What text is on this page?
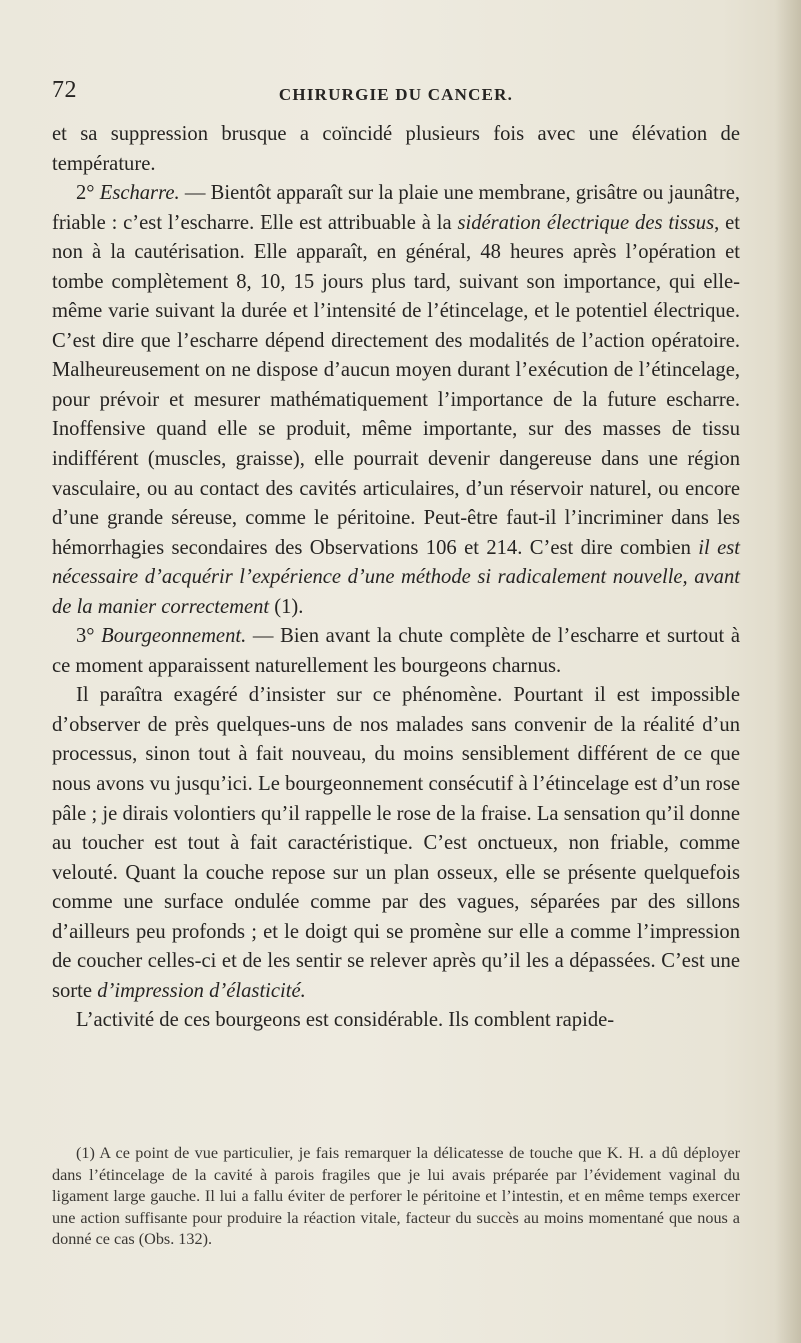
72	CHIRURGIE DU CANCER.

et sa suppression brusque a coïncidé plusieurs fois avec une élévation de température.

2° Escharre. — Bientôt apparaît sur la plaie une membrane, grisâtre ou jaunâtre, friable : c’est l’escharre. Elle est attribuable à la sidération électrique des tissus, et non à la cautérisation. Elle apparaît, en général, 48 heures après l’opération et tombe complètement 8, 10, 15 jours plus tard, suivant son importance, qui elle-même varie suivant la durée et l’intensité de l’étincelage, et le potentiel électrique. C’est dire que l’escharre dépend directement des modalités de l’action opératoire. Malheureusement on ne dispose d’aucun moyen durant l’exécution de l’étincelage, pour prévoir et mesurer mathématiquement l’importance de la future escharre. Inoffensive quand elle se produit, même importante, sur des masses de tissu indifférent (muscles, graisse), elle pourrait devenir dangereuse dans une région vasculaire, ou au contact des cavités articulaires, d’un réservoir naturel, ou encore d’une grande séreuse, comme le péritoine. Peut-être faut-il l’incriminer dans les hémorrhagies secondaires des Observations 106 et 214. C’est dire combien il est nécessaire d’acquérir l’expérience d’une méthode si radicalement nouvelle, avant de la manier correctement (1).

3° Bourgeonnement. — Bien avant la chute complète de l’escharre et surtout à ce moment apparaissent naturellement les bourgeons charnus.

Il paraîtra exagéré d’insister sur ce phénomène. Pourtant il est impossible d’observer de près quelques-uns de nos malades sans convenir de la réalité d’un processus, sinon tout à fait nouveau, du moins sensiblement différent de ce que nous avons vu jusqu’ici. Le bourgeonnement consécutif à l’étincelage est d’un rose pâle ; je dirais volontiers qu’il rappelle le rose de la fraise. La sensation qu’il donne au toucher est tout à fait caractéristique. C’est onctueux, non friable, comme velouté. Quant la couche repose sur un plan osseux, elle se présente quelquefois comme une surface ondulée comme par des vagues, séparées par des sillons d’ailleurs peu profonds ; et le doigt qui se promène sur elle a comme l’impression de coucher celles-ci et de les sentir se relever après qu’il les a dépassées. C’est une sorte d’impression d’élasticité.

L’activité de ces bourgeons est considérable. Ils comblent rapide-

(1) A ce point de vue particulier, je fais remarquer la délicatesse de touche que K. H. a dû déployer dans l’étincelage de la cavité à parois fragiles que je lui avais préparée par l’évidement vaginal du ligament large gauche. Il lui a fallu éviter de perforer le péritoine et l’intestin, et en même temps exercer une action suffisante pour produire la réaction vitale, facteur du succès au moins momentané que nous a donné ce cas (Obs. 132).
